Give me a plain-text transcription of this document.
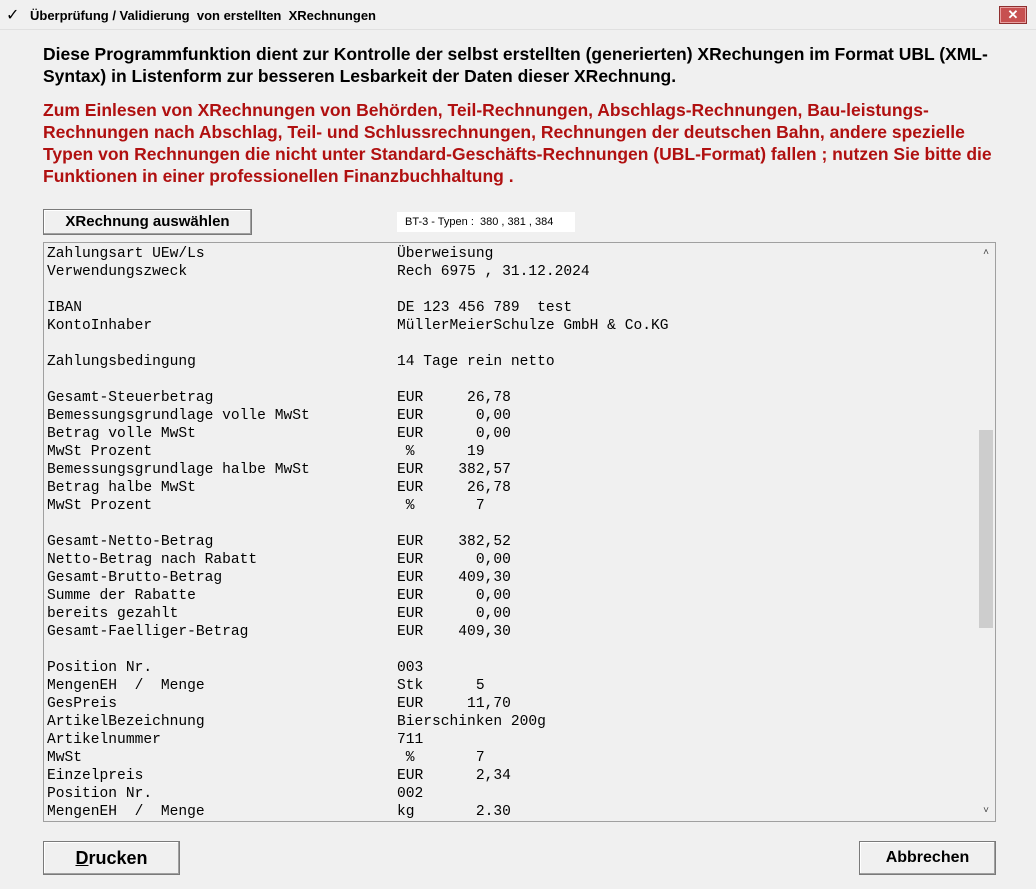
✓ Überprüfung / Validierung  von erstellten  XRechnungen	✕
Diese Programmfunktion dient zur Kontrolle der selbst erstellten (generierten) XRechungen im Format UBL (XML-Syntax) in Listenform zur besseren Lesbarkeit der Daten dieser XRechnung.
Zum Einlesen von XRechnungen von Behörden, Teil-Rechnungen, Abschlags-Rechnungen, Bau-leistungs-Rechnungen nach Abschlag, Teil- und Schlussrechnungen, Rechnungen der deutschen Bahn, andere spezielle Typen von Rechnungen die nicht unter Standard-Geschäfts-Rechnungen (UBL-Format) fallen ; nutzen Sie bitte die Funktionen in einer professionellen Finanzbuchhaltung .
XRechnung auswählen	BT-3 - Typen :  380 , 381 , 384
Zahlungsart UEw/Ls	Überweisung
Verwendungszweck	Rech 6975 , 31.12.2024
IBAN	DE 123 456 789  test
KontoInhaber	MüllerMeierSchulze GmbH & Co.KG
Zahlungsbedingung	14 Tage rein netto
Gesamt-Steuerbetrag	EUR     26,78
Bemessungsgrundlage volle MwSt	EUR      0,00
Betrag volle MwSt	EUR      0,00
MwSt Prozent	%      19
Bemessungsgrundlage halbe MwSt	EUR    382,57
Betrag halbe MwSt	EUR     26,78
MwSt Prozent	%       7
Gesamt-Netto-Betrag	EUR    382,52
Netto-Betrag nach Rabatt	EUR      0,00
Gesamt-Brutto-Betrag	EUR    409,30
Summe der Rabatte	EUR      0,00
bereits gezahlt	EUR      0,00
Gesamt-Faelliger-Betrag	EUR    409,30
Position Nr.	003
MengenEH  /  Menge	Stk      5
GesPreis	EUR     11,70
ArtikelBezeichnung	Bierschinken 200g
Artikelnummer	711
MwSt	%       7
Einzelpreis	EUR      2,34
Position Nr.	002
MengenEH  /  Menge	kg       2.30
˄
˅
Drucken	Abbrechen
